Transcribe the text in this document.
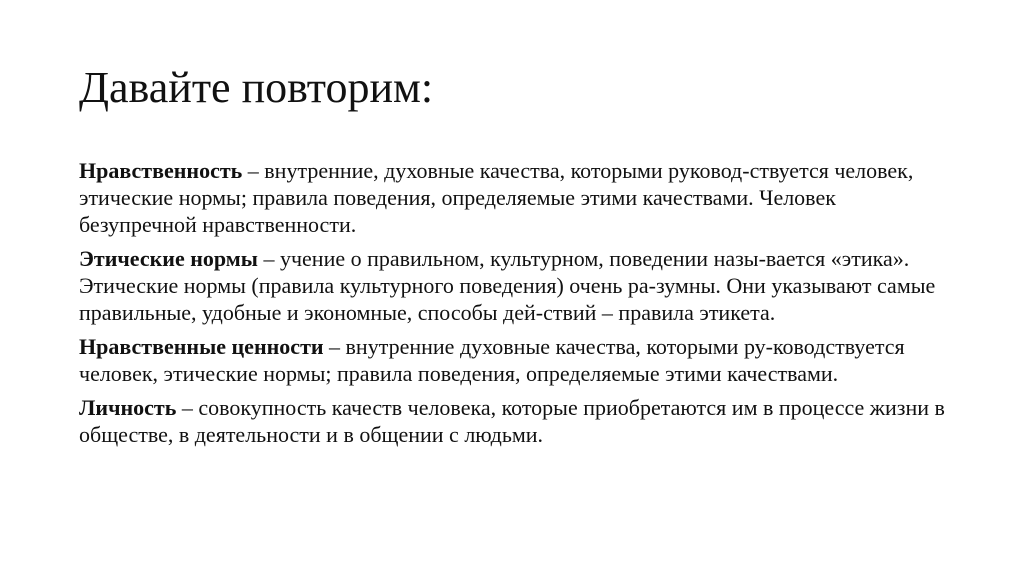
Давайте повторим:

Нравственность – внутренние, духовные качества, которыми руковод-ствуется человек, этические нормы; правила поведения, определяемые этими качествами. Человек безупречной нравственности.

Этические нормы – учение о правильном, культурном, поведении назы-вается «этика». Этические нормы (правила культурного поведения) очень ра-зумны. Они указывают самые правильные, удобные и экономные, способы дей-ствий – правила этикета.

Нравственные ценности – внутренние духовные качества, которыми ру-ководствуется человек, этические нормы; правила поведения, определяемые этими качествами.

Личность – совокупность качеств человека, которые приобретаются им в процессе жизни в обществе, в деятельности и в общении с людьми.
